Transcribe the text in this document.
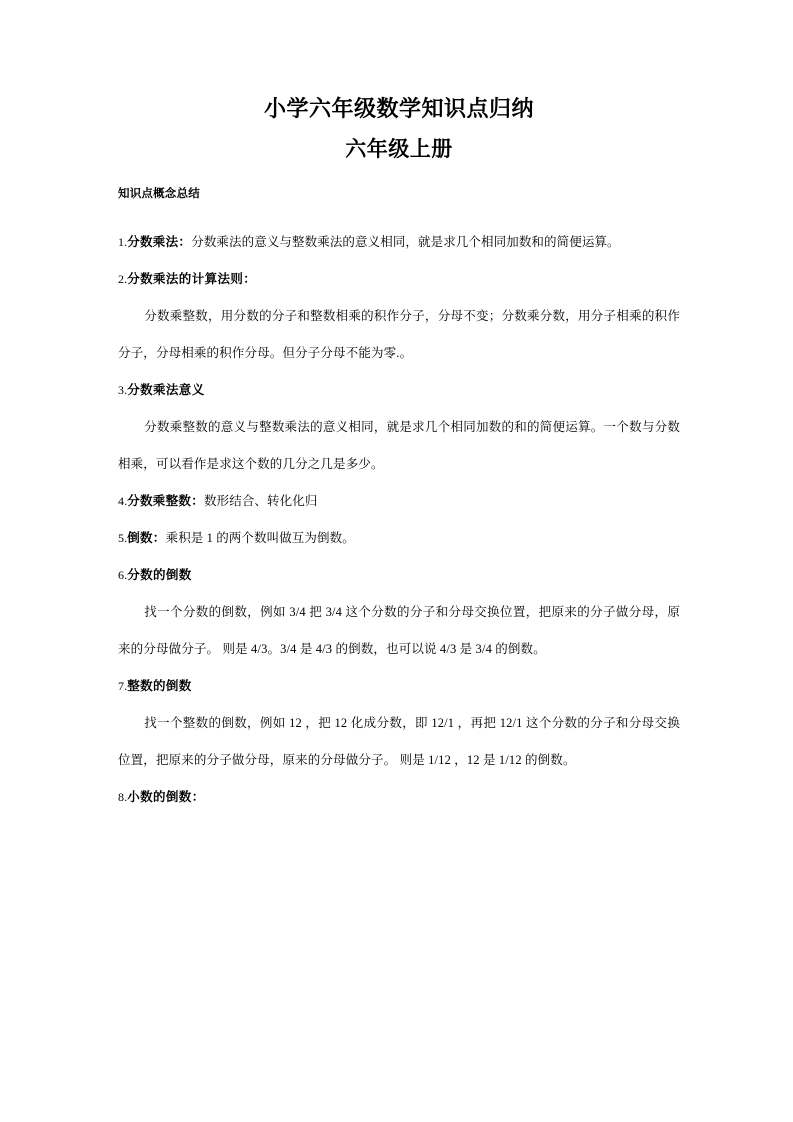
小学六年级数学知识点归纳
六年级上册
知识点概念总结

1.分数乘法：分数乘法的意义与整数乘法的意义相同，就是求几个相同加数和的简便运算。

2.分数乘法的计算法则：

分数乘整数，用分数的分子和整数相乘的积作分子，分母不变；分数乘分数，用分子相乘的积作分子，分母相乘的积作分母。但分子分母不能为零.。

3.分数乘法意义

分数乘整数的意义与整数乘法的意义相同，就是求几个相同加数的和的简便运算。一个数与分数相乘，可以看作是求这个数的几分之几是多少。

4.分数乘整数：数形结合、转化化归

5.倒数：乘积是 1 的两个数叫做互为倒数。

6.分数的倒数

找一个分数的倒数，例如 3/4 把 3/4 这个分数的分子和分母交换位置，把原来的分子做分母，原来的分母做分子。 则是 4/3。3/4 是 4/3 的倒数，也可以说 4/3 是 3/4 的倒数。

7.整数的倒数

找一个整数的倒数，例如 12 ，把 12 化成分数，即 12/1 ，再把 12/1 这个分数的分子和分母交换位置，把原来的分子做分母，原来的分母做分子。 则是 1/12 ，12 是 1/12 的倒数。

8.小数的倒数：
